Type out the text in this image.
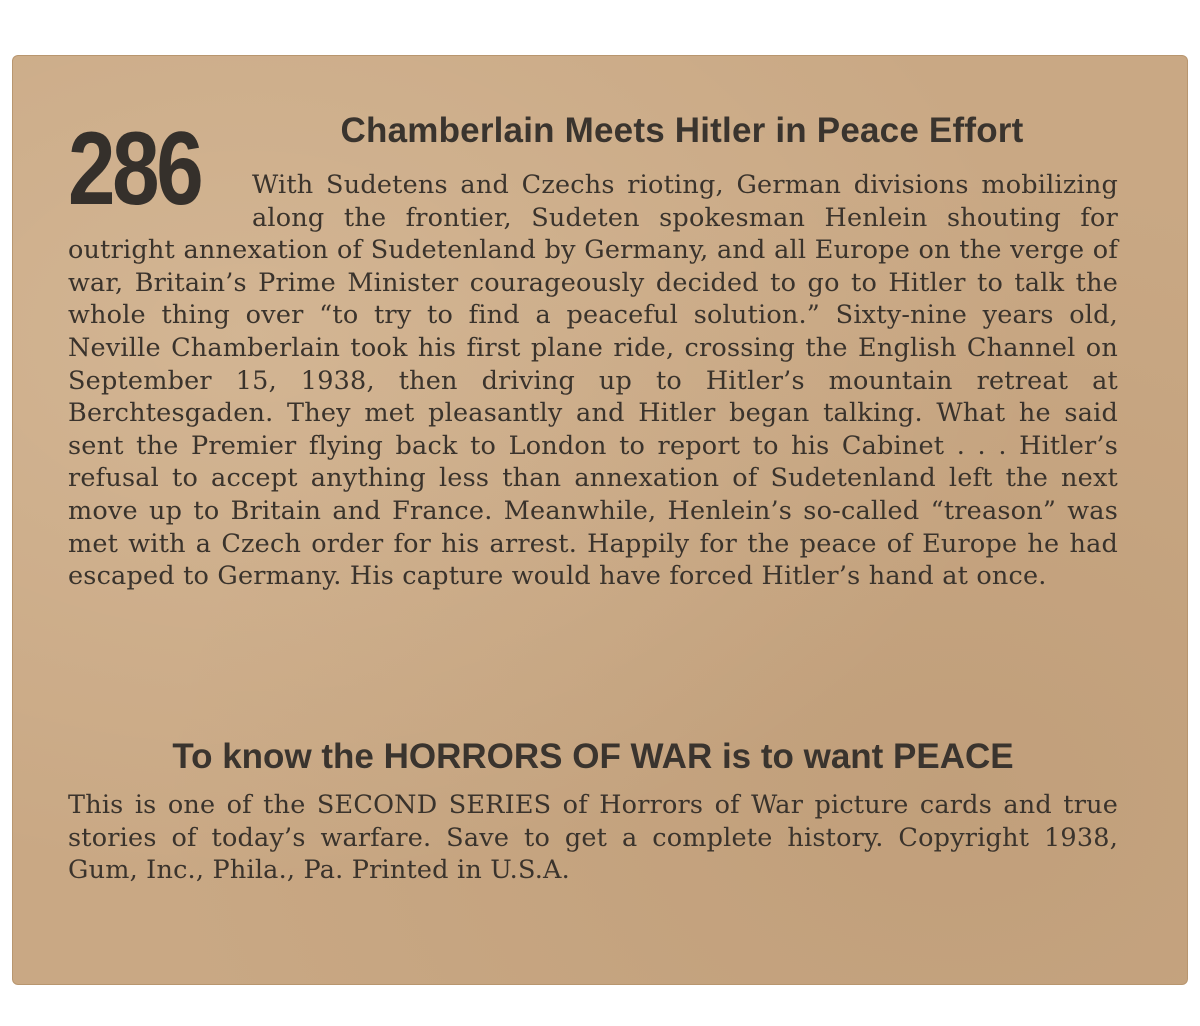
286	Chamberlain Meets Hitler in Peace Effort

With Sudetens and Czechs rioting, German divisions mobilizing along the frontier, Sudeten spokesman Henlein shouting for outright annexation of Sudetenland by Germany, and all Europe on the verge of war, Britain’s Prime Minister courageously decided to go to Hitler to talk the whole thing over “to try to find a peaceful solution.” Sixty-nine years old, Neville Chamberlain took his first plane ride, crossing the English Channel on September 15, 1938, then driving up to Hitler’s mountain retreat at Berchtesgaden. They met pleasantly and Hitler began talking. What he said sent the Premier flying back to London to report to his Cabinet . . . Hitler’s refusal to accept anything less than annexation of Sudetenland left the next move up to Britain and France. Meanwhile, Henlein’s so-called “treason” was met with a Czech order for his arrest. Happily for the peace of Europe he had escaped to Germany. His capture would have forced Hitler’s hand at once.

To know the HORRORS OF WAR is to want PEACE

This is one of the SECOND SERIES of Horrors of War picture cards and true stories of today’s warfare. Save to get a complete history. Copyright 1938, Gum, Inc., Phila., Pa. Printed in U.S.A.
